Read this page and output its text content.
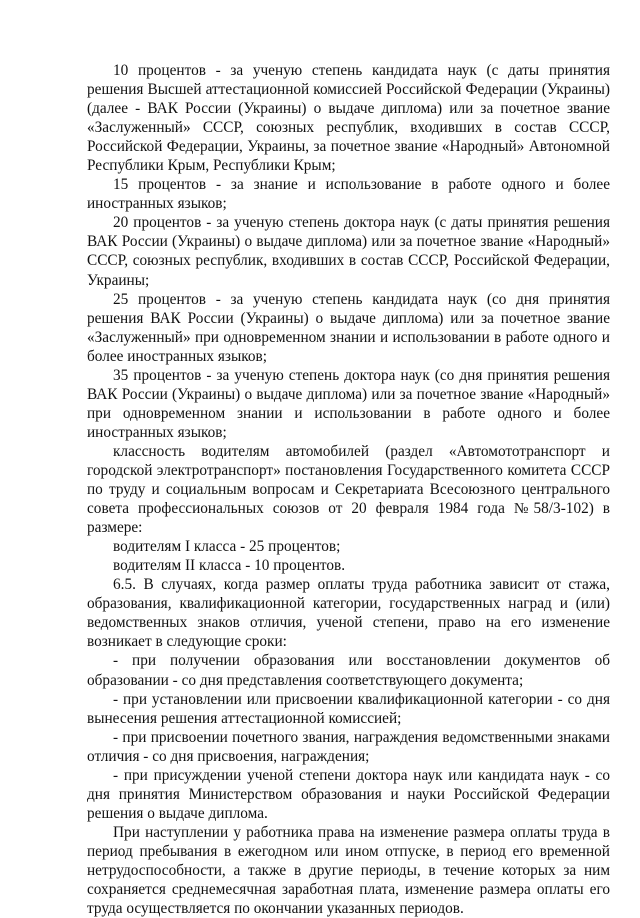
10 процентов - за ученую степень кандидата наук (с даты принятия решения Высшей аттестационной комиссией Российской Федерации (Украины) (далее - ВАК России (Украины) о выдаче диплома) или за почетное звание «Заслуженный» СССР, союзных республик, входивших в состав СССР, Российской Федерации, Украины, за почетное звание «Народный» Автономной Республики Крым, Республики Крым;

15 процентов - за знание и использование в работе одного и более иностранных языков;

20 процентов - за ученую степень доктора наук (с даты принятия решения ВАК России (Украины) о выдаче диплома) или за почетное звание «Народный» СССР, союзных республик, входивших в состав СССР, Российской Федерации, Украины;

25 процентов - за ученую степень кандидата наук (со дня принятия решения ВАК России (Украины) о выдаче диплома) или за почетное звание «Заслуженный» при одновременном знании и использовании в работе одного и более иностранных языков;

35 процентов - за ученую степень доктора наук (со дня принятия решения ВАК России (Украины) о выдаче диплома) или за почетное звание «Народный» при одновременном знании и использовании в работе одного и более иностранных языков;

классность водителям автомобилей (раздел «Автомототранспорт и городской электротранспорт» постановления Государственного комитета СССР по труду и социальным вопросам и Секретариата Всесоюзного центрального совета профессиональных союзов от 20 февраля 1984 года №58/3-102) в размере:

водителям I класса - 25 процентов;

водителям II класса - 10 процентов.

6.5. В случаях, когда размер оплаты труда работника зависит от стажа, образования, квалификационной категории, государственных наград и (или) ведомственных знаков отличия, ученой степени, право на его изменение возникает в следующие сроки:

- при получении образования или восстановлении документов об образовании - со дня представления соответствующего документа;

- при установлении или присвоении квалификационной категории - со дня вынесения решения аттестационной комиссией;

- при присвоении почетного звания, награждения ведомственными знаками отличия - со дня присвоения, награждения;

- при присуждении ученой степени доктора наук или кандидата наук - со дня принятия Министерством образования и науки Российской Федерации решения о выдаче диплома.

При наступлении у работника права на изменение размера оплаты труда в период пребывания в ежегодном или ином отпуске, в период его временной нетрудоспособности, а также в другие периоды, в течение которых за ним сохраняется среднемесячная заработная плата, изменение размера оплаты его труда осуществляется по окончании указанных периодов.
